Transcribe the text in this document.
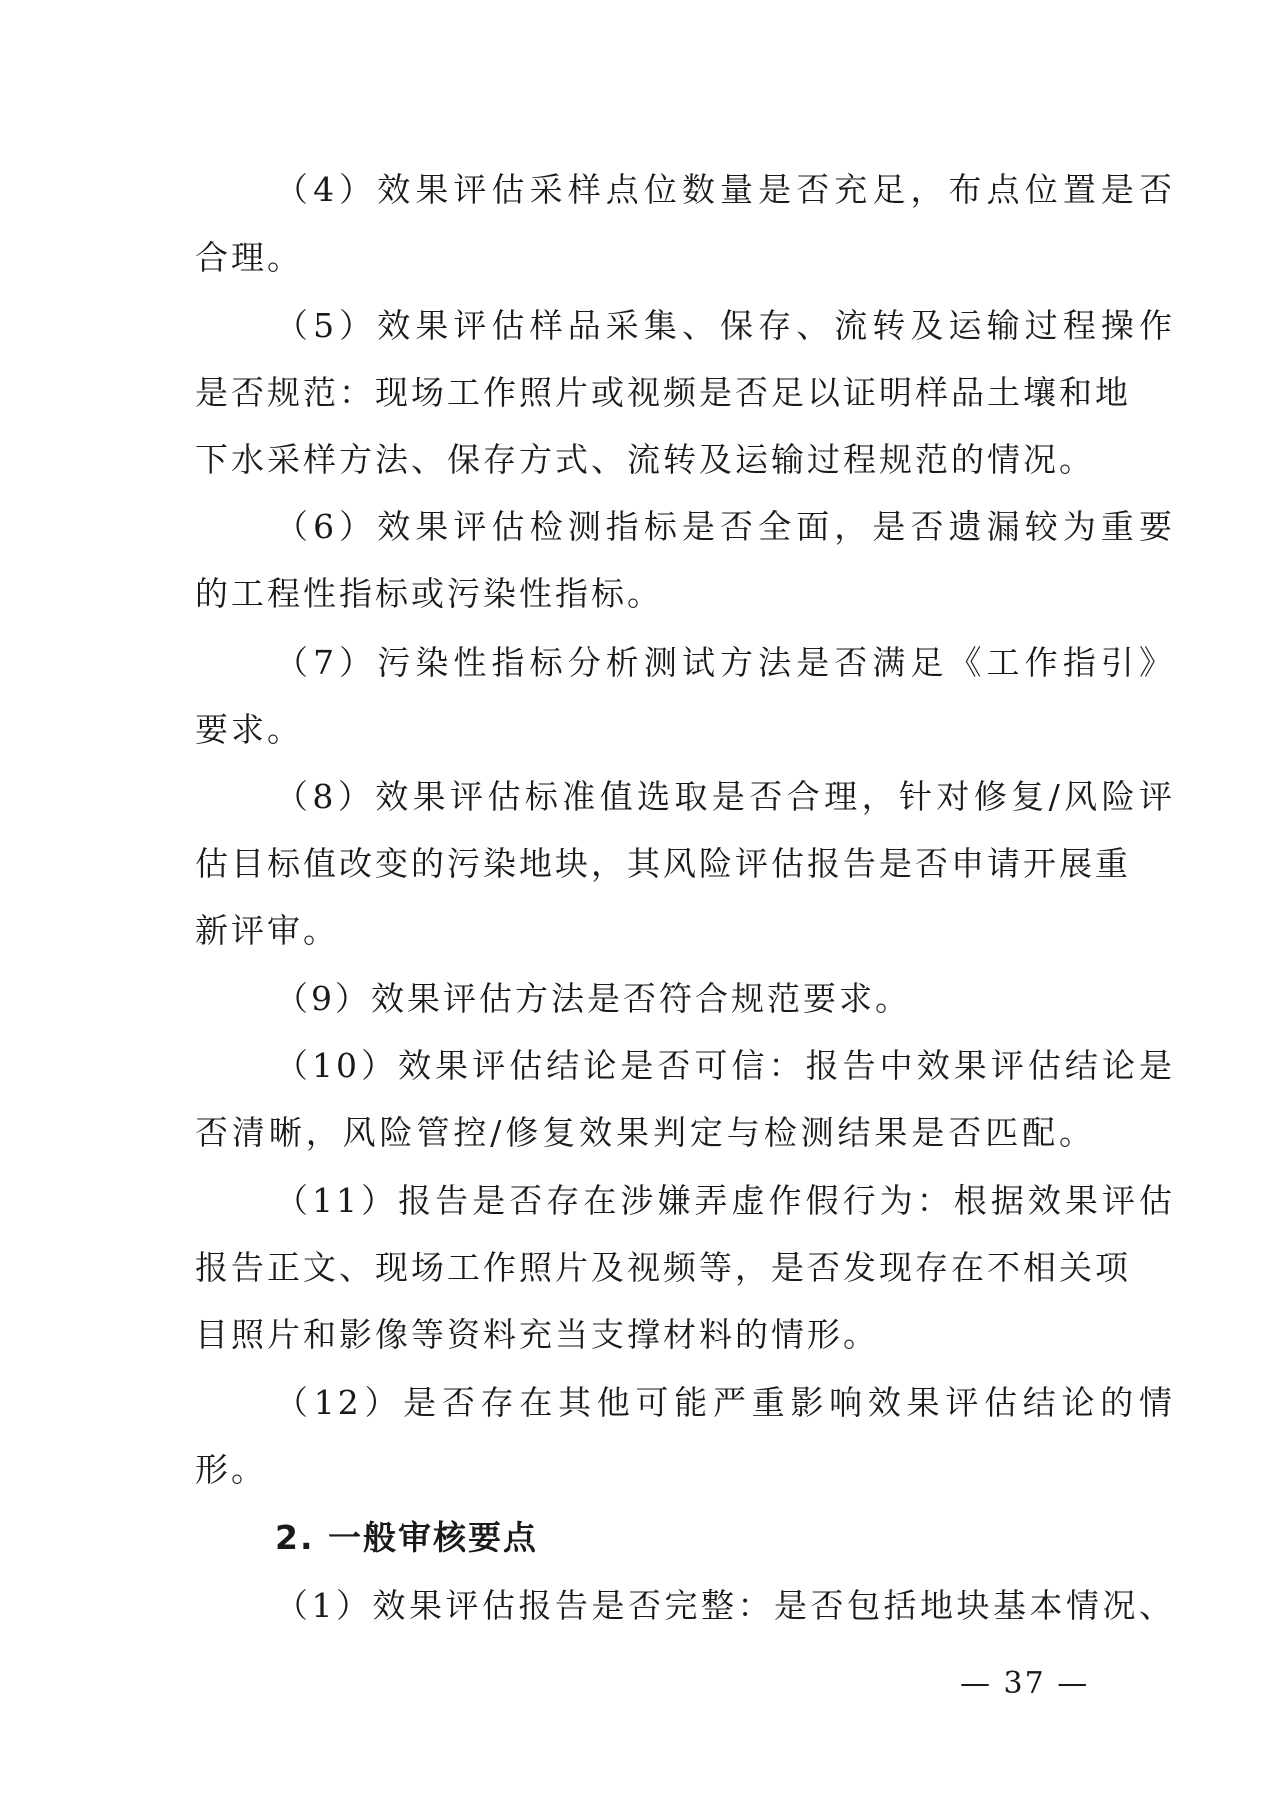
（4）效果评估采样点位数量是否充足，布点位置是否
合理。
（5）效果评估样品采集、保存、流转及运输过程操作
是否规范：现场工作照片或视频是否足以证明样品土壤和地
下水采样方法、保存方式、流转及运输过程规范的情况。
（6）效果评估检测指标是否全面，是否遗漏较为重要
的工程性指标或污染性指标。
（7）污染性指标分析测试方法是否满足《工作指引》
要求。
（8）效果评估标准值选取是否合理，针对修复/风险评
估目标值改变的污染地块，其风险评估报告是否申请开展重
新评审。
（9）效果评估方法是否符合规范要求。
（10）效果评估结论是否可信：报告中效果评估结论是
否清晰，风险管控/修复效果判定与检测结果是否匹配。
（11）报告是否存在涉嫌弄虚作假行为：根据效果评估
报告正文、现场工作照片及视频等，是否发现存在不相关项
目照片和影像等资料充当支撑材料的情形。
（12）是否存在其他可能严重影响效果评估结论的情
形。
2. 一般审核要点
（1）效果评估报告是否完整：是否包括地块基本情况、
— 37 —
